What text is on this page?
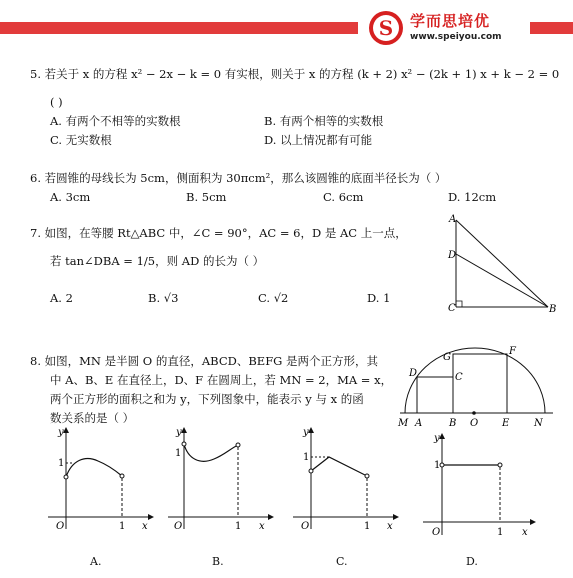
S 学而思培优
www.speiyou.com
5. 若关于 x 的方程 x² − 2x − k = 0 有实根，则关于 x 的方程 (k + 2) x² − (2k + 1) x + k − 2 = 0
( )
A. 有两个不相等的实数根	B. 有两个相等的实数根
C. 无实数根	D. 以上情况都有可能
6. 若圆锥的母线长为 5cm，侧面积为 30πcm²，那么该圆锥的底面半径长为（ ）
A. 3cm	B. 5cm	C. 6cm	D. 12cm
7. 如图，在等腰 Rt△ABC 中，∠C = 90°，AC = 6，D 是 AC 上一点，
若 tan∠DBA = 1/5，则 AD 的长为（ ）
A. 2	B. √3	C. √2	D. 1
A
D
C	B
8. 如图，MN 是半圆 O 的直径，ABCD、BEFG 是两个正方形，其
中 A、B、E 在直径上，D、F 在圆周上，若 MN = 2，MA = x，
两个正方形的面积之和为 y，下列图象中，能表示 y 与 x 的函
数关系的是（ ）
D	C
G
F
M A	B O E N
y
x
O	1
1
y
x
O	1
1
y
x
O	1
1
y
x
O	1
1
A.	B.	C.	D.
